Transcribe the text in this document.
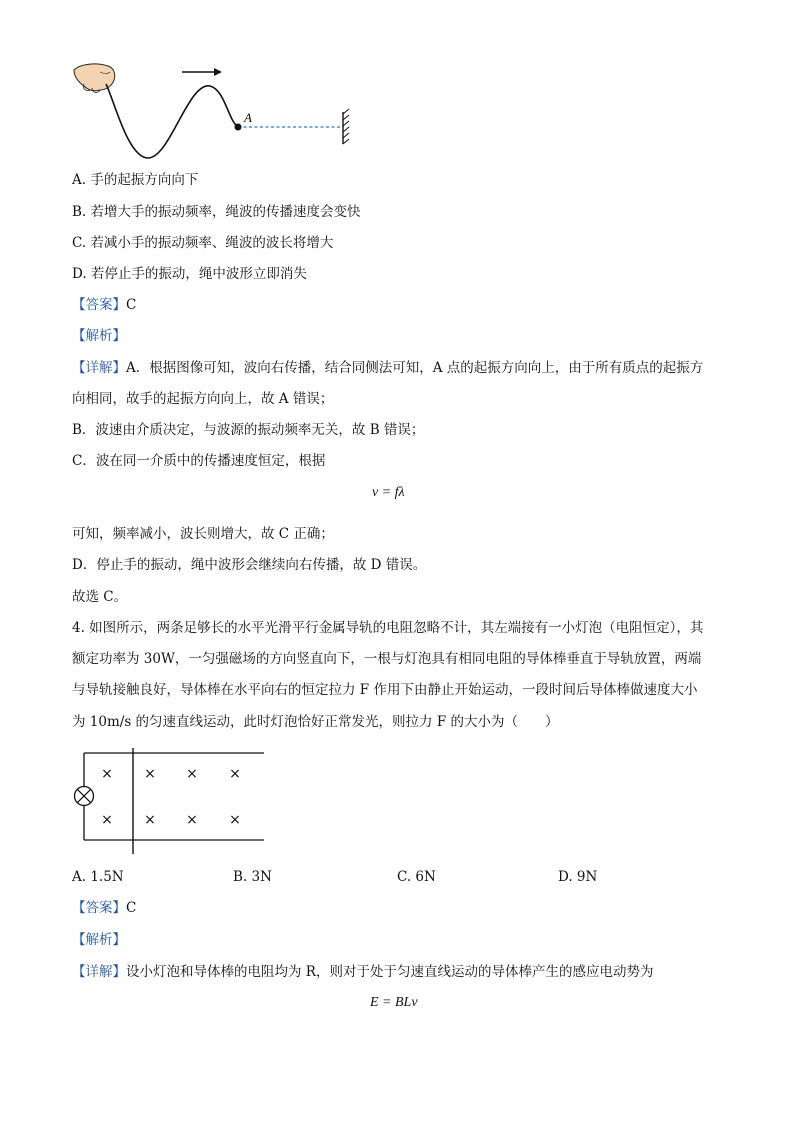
A
A. 手的起振方向向下
B. 若增大手的振动频率，绳波的传播速度会变快
C. 若减小手的振动频率、绳波的波长将增大
D. 若停止手的振动，绳中波形立即消失
【答案】C
【解析】
【详解】A．根据图像可知，波向右传播，结合同侧法可知，A 点的起振方向向上，由于所有质点的起振方
向相同，故手的起振方向向上，故 A 错误；
B．波速由介质决定，与波源的振动频率无关，故 B 错误；
C．波在同一介质中的传播速度恒定，根据
v = fλ
可知，频率减小，波长则增大，故 C 正确；
D．停止手的振动，绳中波形会继续向右传播，故 D 错误。
故选 C。
4. 如图所示，两条足够长的水平光滑平行金属导轨的电阻忽略不计，其左端接有一小灯泡（电阻恒定），其
额定功率为 30W，一匀强磁场的方向竖直向下，一根与灯泡具有相同电阻的导体棒垂直于导轨放置，两端
与导轨接触良好，导体棒在水平向右的恒定拉力 F 作用下由静止开始运动，一段时间后导体棒做速度大小
为 10m/s 的匀速直线运动，此时灯泡恰好正常发光，则拉力 F 的大小为（　　）
× × × ×
× × × ×
A. 1.5N	B. 3N	C. 6N	D. 9N
【答案】C
【解析】
【详解】设小灯泡和导体棒的电阻均为 R，则对于处于匀速直线运动的导体棒产生的感应电动势为
E = BLv
